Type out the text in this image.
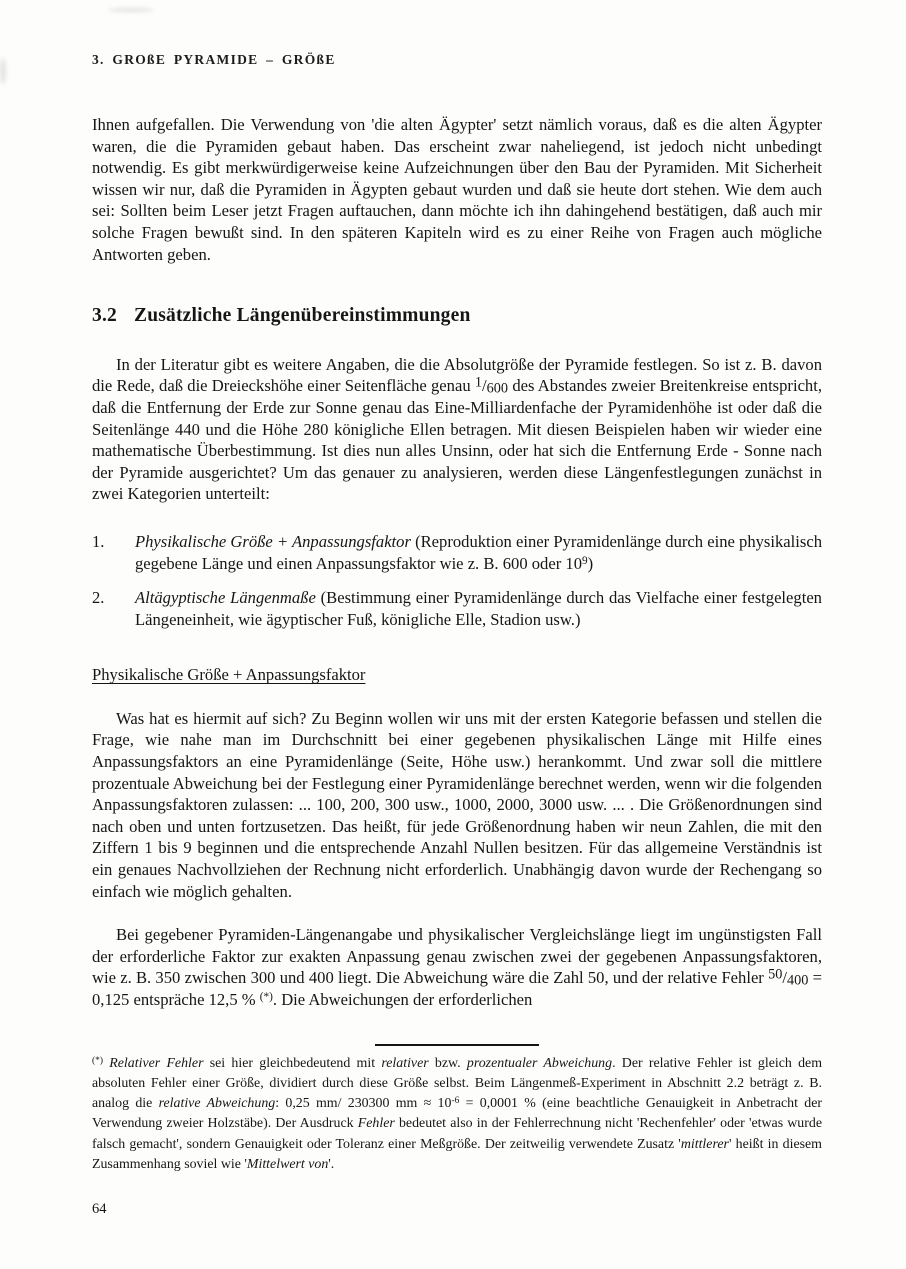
3. GROßE PYRAMIDE – GRÖßE

Ihnen aufgefallen. Die Verwendung von 'die alten Ägypter' setzt nämlich voraus, daß es die alten Ägypter waren, die die Pyramiden gebaut haben. Das erscheint zwar naheliegend, ist jedoch nicht unbedingt notwendig. Es gibt merkwürdigerweise keine Aufzeichnungen über den Bau der Pyramiden. Mit Sicherheit wissen wir nur, daß die Pyramiden in Ägypten gebaut wurden und daß sie heute dort stehen. Wie dem auch sei: Sollten beim Leser jetzt Fragen auftauchen, dann möchte ich ihn dahingehend bestätigen, daß auch mir solche Fragen bewußt sind. In den späteren Kapiteln wird es zu einer Reihe von Fragen auch mögliche Antworten geben.

3.2 Zusätzliche Längenübereinstimmungen

In der Literatur gibt es weitere Angaben, die die Absolutgröße der Pyramide festlegen. So ist z. B. davon die Rede, daß die Dreieckshöhe einer Seitenfläche genau 1/600 des Abstandes zweier Breitenkreise entspricht, daß die Entfernung der Erde zur Sonne genau das Eine-Milliardenfache der Pyramidenhöhe ist oder daß die Seitenlänge 440 und die Höhe 280 königliche Ellen betragen. Mit diesen Beispielen haben wir wieder eine mathematische Überbestimmung. Ist dies nun alles Unsinn, oder hat sich die Entfernung Erde - Sonne nach der Pyramide ausgerichtet? Um das genauer zu analysieren, werden diese Längenfestlegungen zunächst in zwei Kategorien unterteilt:

1.	Physikalische Größe + Anpassungsfaktor (Reproduktion einer Pyramidenlänge durch eine physikalisch gegebene Länge und einen Anpassungsfaktor wie z. B. 600 oder $10^9$)
2.	Altägyptische Längenmaße (Bestimmung einer Pyramidenlänge durch das Vielfache einer festgelegten Längeneinheit, wie ägyptischer Fuß, königliche Elle, Stadion usw.)
Physikalische Größe + Anpassungsfaktor

Was hat es hiermit auf sich? Zu Beginn wollen wir uns mit der ersten Kategorie befassen und stellen die Frage, wie nahe man im Durchschnitt bei einer gegebenen physikalischen Länge mit Hilfe eines Anpassungsfaktors an eine Pyramidenlänge (Seite, Höhe usw.) herankommt. Und zwar soll die mittlere prozentuale Abweichung bei der Festlegung einer Pyramidenlänge berechnet werden, wenn wir die folgenden Anpassungsfaktoren zulassen: ... 100, 200, 300 usw., 1000, 2000, 3000 usw. ... . Die Größenordnungen sind nach oben und unten fortzusetzen. Das heißt, für jede Größenordnung haben wir neun Zahlen, die mit den Ziffern 1 bis 9 beginnen und die entsprechende Anzahl Nullen besitzen. Für das allgemeine Verständnis ist ein genaues Nachvollziehen der Rechnung nicht erforderlich. Unabhängig davon wurde der Rechengang so einfach wie möglich gehalten.

Bei gegebener Pyramiden-Längenangabe und physikalischer Vergleichslänge liegt im ungünstigsten Fall der erforderliche Faktor zur exakten Anpassung genau zwischen zwei der gegebenen Anpassungsfaktoren, wie z. B. 350 zwischen 300 und 400 liegt. Die Abweichung wäre die Zahl 50, und der relative Fehler 50/400 = 0,125 entspräche 12,5 % (*). Die Abweichungen der erforderlichen

(*) Relativer Fehler sei hier gleichbedeutend mit relativer bzw. prozentualer Abweichung. Der relative Fehler ist gleich dem absoluten Fehler einer Größe, dividiert durch diese Größe selbst. Beim Längenmeß-Experiment in Abschnitt 2.2 beträgt z. B. analog die relative Abweichung: 0,25 mm/ 230300 mm ≈ $10^{-6} = 0,0001$ % (eine beachtliche Genauigkeit in Anbetracht der Verwendung zweier Holzstäbe). Der Ausdruck Fehler bedeutet also in der Fehlerrechnung nicht 'Rechenfehler' oder 'etwas wurde falsch gemacht', sondern Genauigkeit oder Toleranz einer Meßgröße. Der zeitweilig verwendete Zusatz 'mittlerer' heißt in diesem Zusammenhang soviel wie 'Mittelwert von'.
64
